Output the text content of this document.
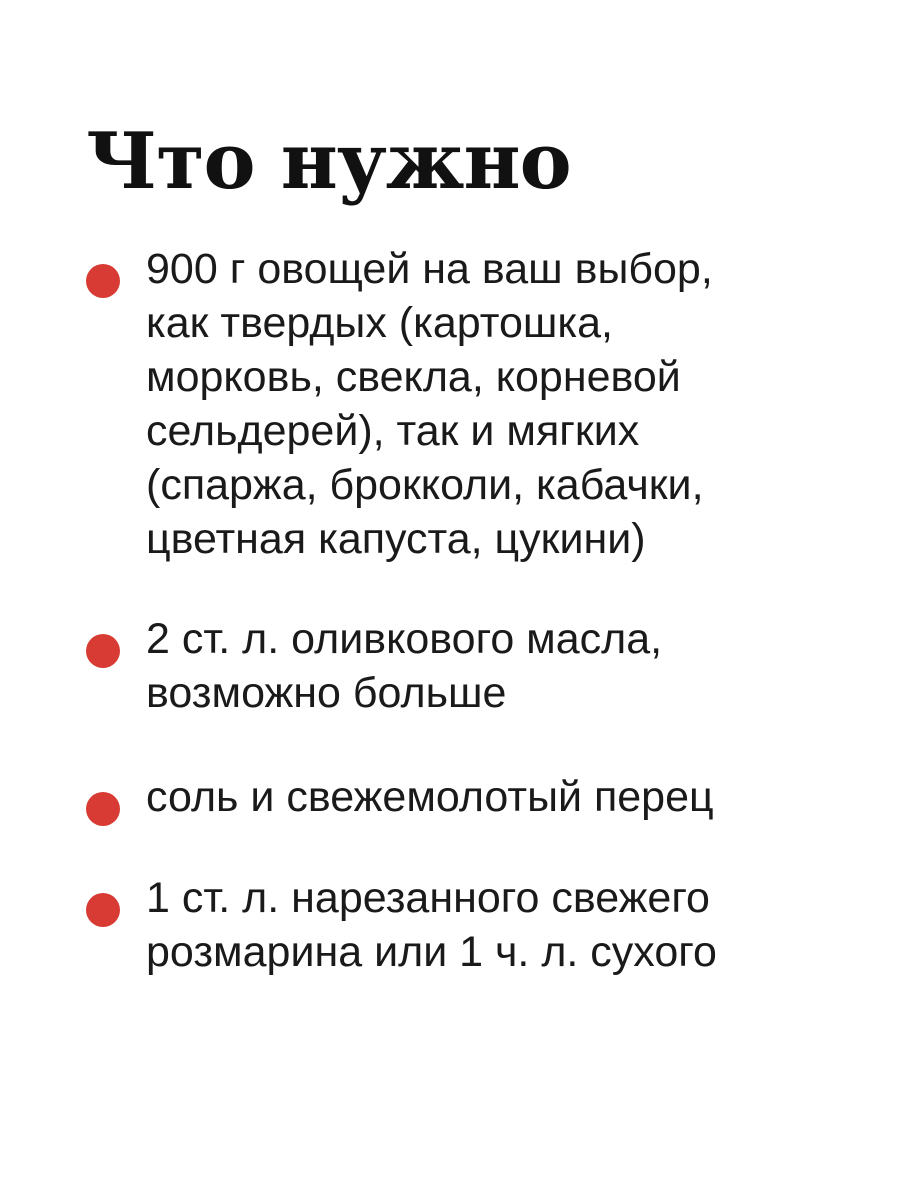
Что нужно
900 г овощей на ваш выбор,
как твердых (картошка,
морковь, свекла, корневой
сельдерей), так и мягких
(спаржа, брокколи, кабачки,
цветная капуста, цукини)
2 ст. л. оливкового масла,
возможно больше
соль и свежемолотый перец
1 ст. л. нарезанного свежего
розмарина или 1 ч. л. сухого
